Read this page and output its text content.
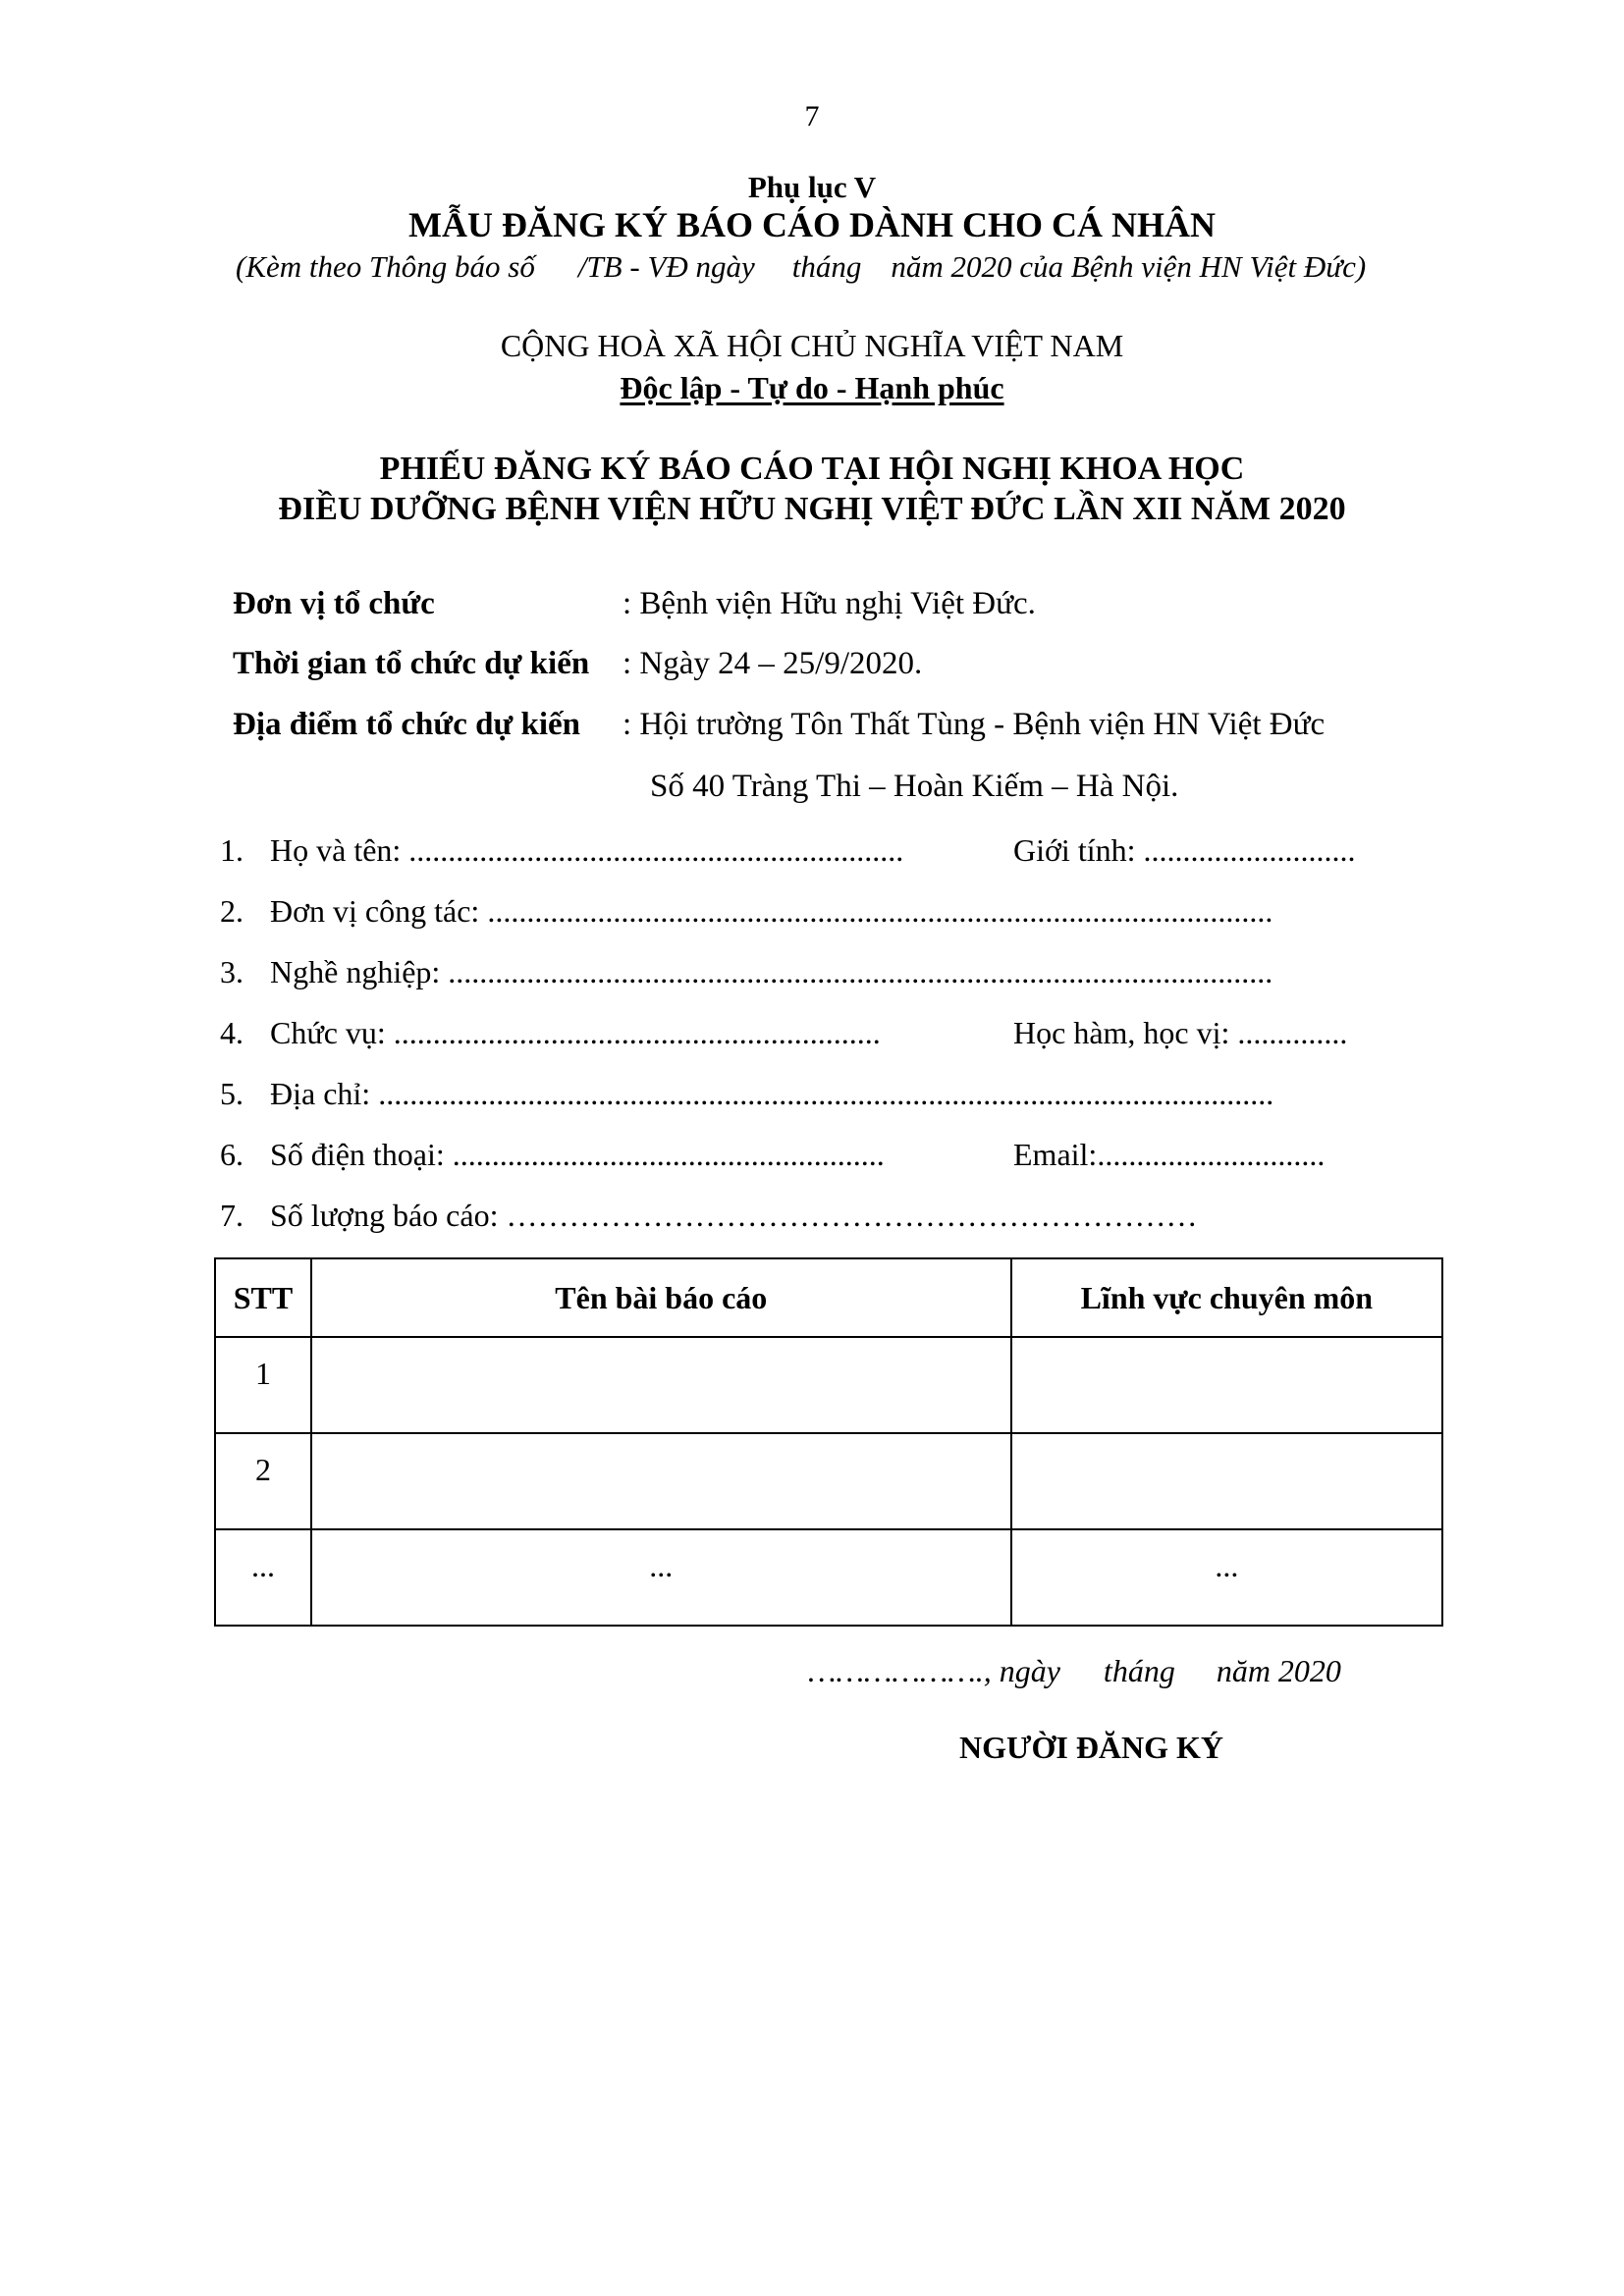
7
Phụ lục V
MẪU ĐĂNG KÝ BÁO CÁO DÀNH CHO CÁ NHÂN
(Kèm theo Thông báo số /TB - VĐ ngày tháng năm 2020 của Bệnh viện HN Việt Đức)
CỘNG HOÀ XÃ HỘI CHỦ NGHĨA VIỆT NAM
Độc lập - Tự do - Hạnh phúc
PHIẾU ĐĂNG KÝ BÁO CÁO TẠI HỘI NGHỊ KHOA HỌC
ĐIỀU DƯỠNG BỆNH VIỆN HỮU NGHỊ VIỆT ĐỨC LẦN XII NĂM 2020
Đơn vị tổ chức	: Bệnh viện Hữu nghị Việt Đức.
Thời gian tổ chức dự kiến : Ngày 24 – 25/9/2020.
Địa điểm tổ chức dự kiến : Hội trường Tôn Thất Tùng - Bệnh viện HN Việt Đức
Số 40 Tràng Thi – Hoàn Kiếm – Hà Nội.
1. Họ và tên: ...............................................................	Giới tính: ...........................
2. Đơn vị công tác: ....................................................................................................
3. Nghề nghiệp: .........................................................................................................
4. Chức vụ: ..............................................................	Học hàm, học vị: ..............
5. Địa chỉ: ..................................................................................................................
6. Số điện thoại: .......................................................	Email:.............................
7. Số lượng báo cáo: …………………………………………………………
STT	Tên bài báo cáo	Lĩnh vực chuyên môn
1		
2		
...	...	...
………………., ngày tháng năm 2020
NGƯỜI ĐĂNG KÝ
